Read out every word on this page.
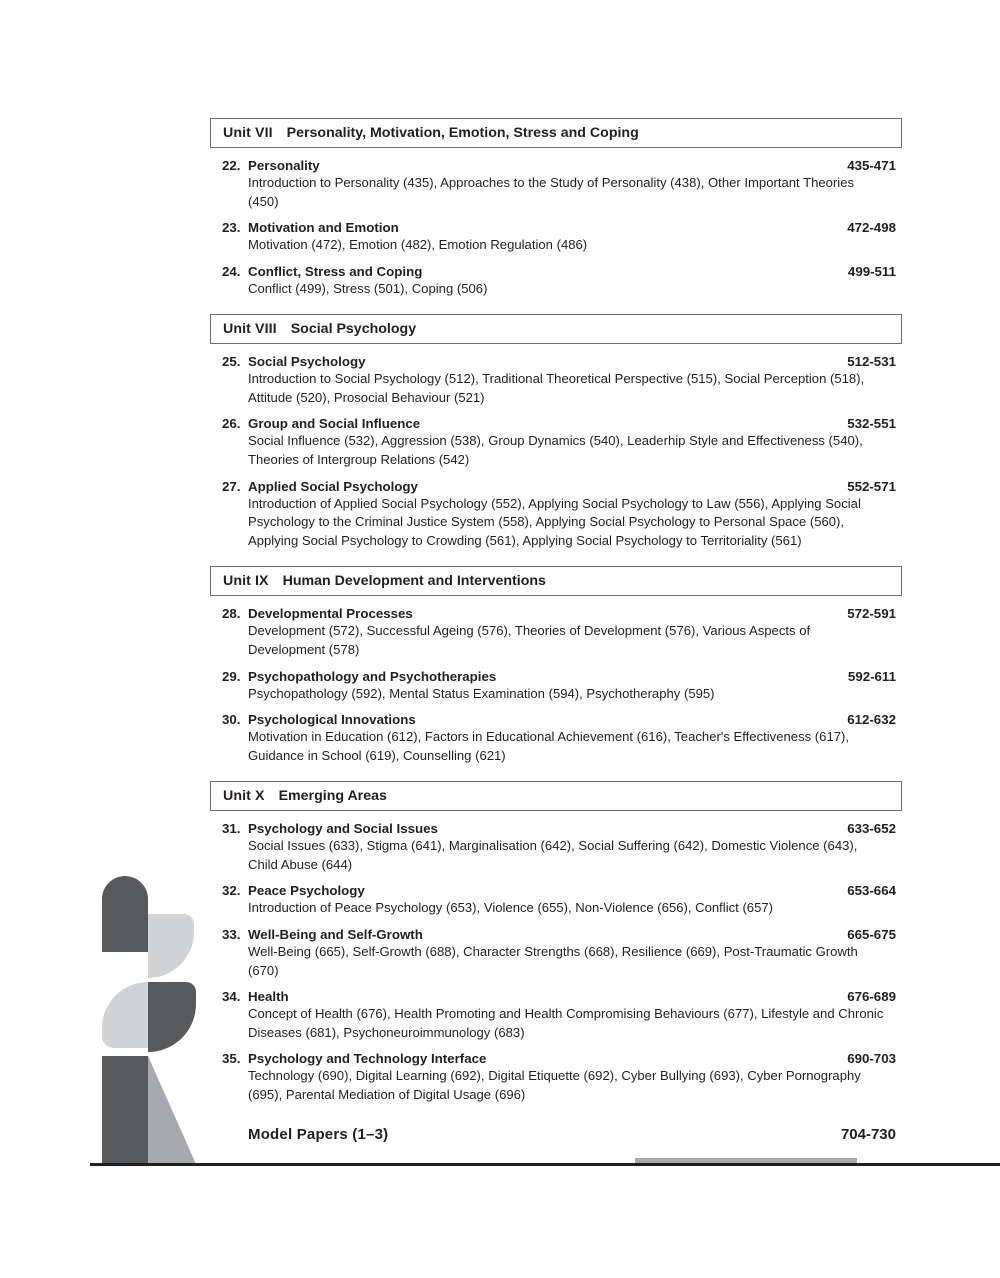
Unit VII Personality, Motivation, Emotion, Stress and Coping
22. Personality	435-471
Introduction to Personality (435), Approaches to the Study of Personality (438), Other Important Theories (450)
23. Motivation and Emotion	472-498
Motivation (472), Emotion (482), Emotion Regulation (486)
24. Conflict, Stress and Coping	499-511
Conflict (499), Stress (501), Coping (506)
Unit VIII Social Psychology
25. Social Psychology	512-531
Introduction to Social Psychology (512), Traditional Theoretical Perspective (515), Social Perception (518), Attitude (520), Prosocial Behaviour (521)
26. Group and Social Influence	532-551
Social Influence (532), Aggression (538), Group Dynamics (540), Leaderhip Style and Effectiveness (540), Theories of Intergroup Relations (542)
27. Applied Social Psychology	552-571
Introduction of Applied Social Psychology (552), Applying Social Psychology to Law (556), Applying Social Psychology to the Criminal Justice System (558), Applying Social Psychology to Personal Space (560), Applying Social Psychology to Crowding (561), Applying Social Psychology to Territoriality (561)
Unit IX Human Development and Interventions
28. Developmental Processes	572-591
Development (572), Successful Ageing (576), Theories of Development (576), Various Aspects of Development (578)
29. Psychopathology and Psychotherapies	592-611
Psychopathology (592), Mental Status Examination (594), Psychotheraphy (595)
30. Psychological Innovations	612-632
Motivation in Education (612), Factors in Educational Achievement (616), Teacher's Effectiveness (617), Guidance in School (619), Counselling (621)
Unit X Emerging Areas
31. Psychology and Social Issues	633-652
Social Issues (633), Stigma (641), Marginalisation (642), Social Suffering (642), Domestic Violence (643), Child Abuse (644)
32. Peace Psychology	653-664
Introduction of Peace Psychology (653), Violence (655), Non-Violence (656), Conflict (657)
33. Well-Being and Self-Growth	665-675
Well-Being (665), Self-Growth (688), Character Strengths (668), Resilience (669), Post-Traumatic Growth (670)
34. Health	676-689
Concept of Health (676), Health Promoting and Health Compromising Behaviours (677), Lifestyle and Chronic Diseases (681), Psychoneuroimmunology (683)
35. Psychology and Technology Interface	690-703
Technology (690), Digital Learning (692), Digital Etiquette (692), Cyber Bullying (693), Cyber Pornography (695), Parental Mediation of Digital Usage (696)
Model Papers (1–3)	704-730
